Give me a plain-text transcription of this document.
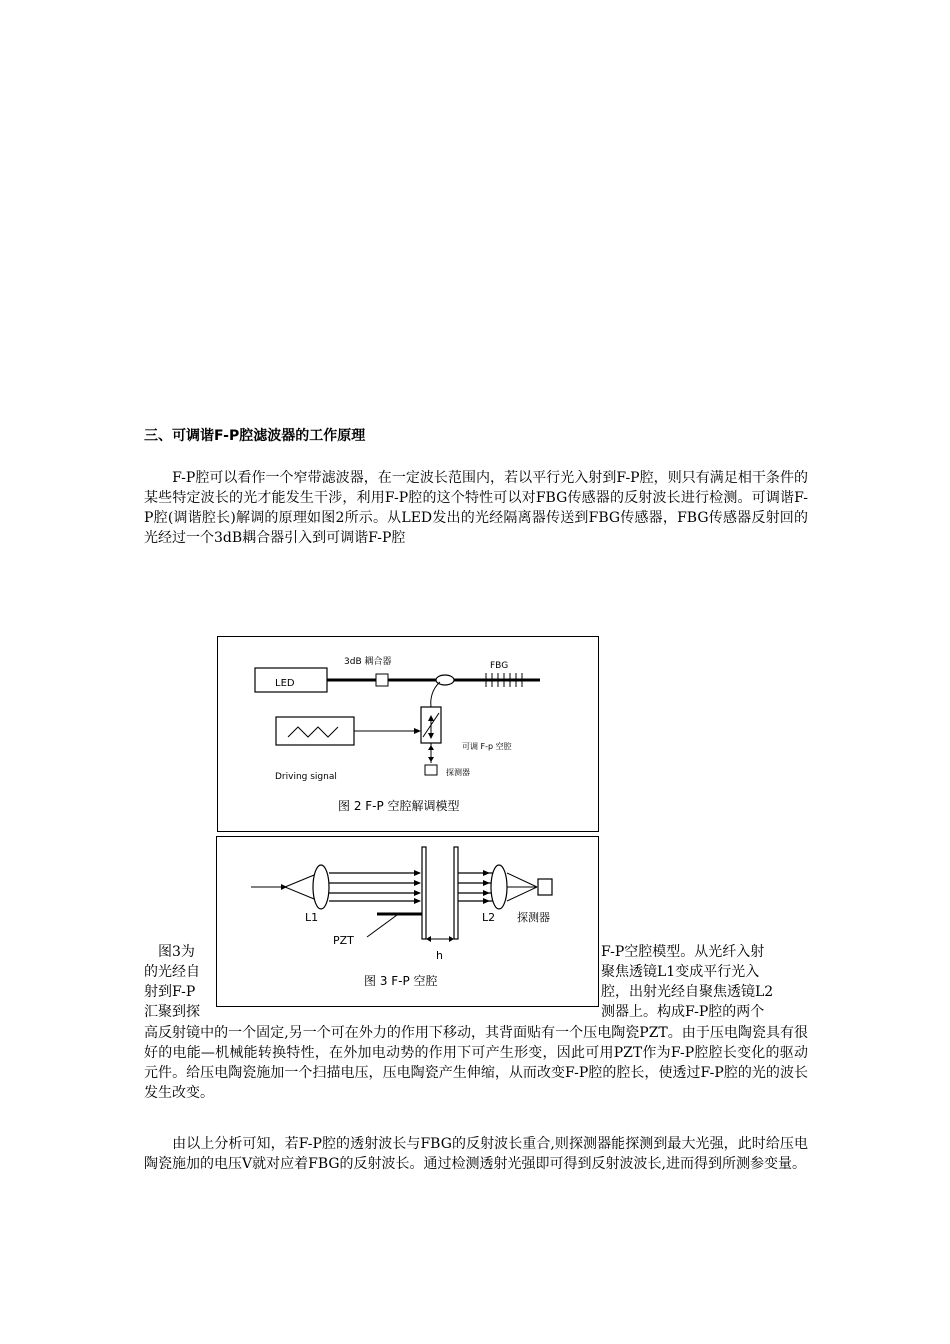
三、可调谐F-P腔滤波器的工作原理

　　F-P腔可以看作一个窄带滤波器，在一定波长范围内，若以平行光入射到F-P腔，则只有满足相干条件的某些特定波长的光才能发生干涉，利用F-P腔的这个特性可以对FBG传感器的反射波长进行检测。可调谐F-P腔(调谐腔长)解调的原理如图2所示。从LED发出的光经隔离器传送到FBG传感器，FBG传感器反射回的光经过一个3dB耦合器引入到可调谐F-P腔

LED
3dB 耦合器	FBG
可调 F-p 空腔
Driving signal	探测器
图 2 F-P 空腔解调模型
L1	L2 探测器
PZT
h
图 3 F-P 空腔
　图3为	F-P空腔模型。从光纤入射
的光经自	聚焦透镜L1变成平行光入
射到F-P	腔，出射光经自聚焦透镜L2
汇聚到探	测器上。构成F-P腔的两个

高反射镜中的一个固定,另一个可在外力的作用下移动，其背面贴有一个压电陶瓷PZT。由于压电陶瓷具有很好的电能—机械能转换特性，在外加电动势的作用下可产生形变，因此可用PZT作为F-P腔腔长变化的驱动元件。给压电陶瓷施加一个扫描电压，压电陶瓷产生伸缩，从而改变F-P腔的腔长，使透过F-P腔的光的波长发生改变。

　　由以上分析可知，若F-P腔的透射波长与FBG的反射波长重合,则探测器能探测到最大光强，此时给压电陶瓷施加的电压V就对应着FBG的反射波长。通过检测透射光强即可得到反射波波长,进而得到所测参变量。
